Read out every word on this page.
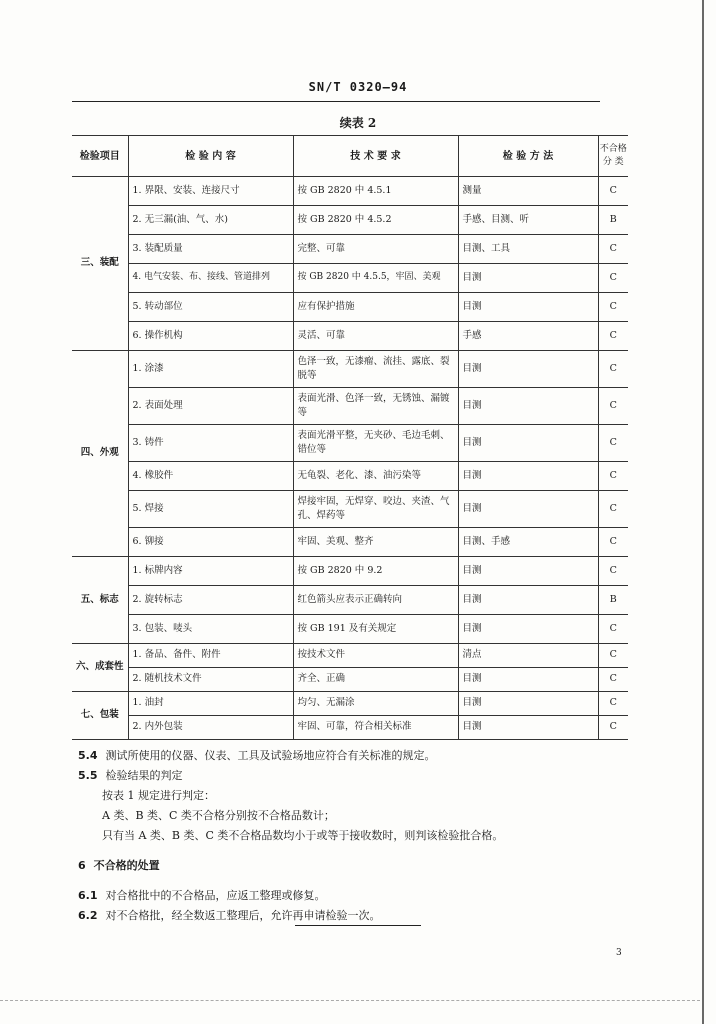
SN/T 0320—94
续表 2
检验项目	检 验 内 容	技 术 要 求	检 验 方 法	不合格分 类
三、装配	1. 界限、安装、连接尺寸	按 GB 2820 中 4.5.1	测量	C
	2. 无三漏(油、气、水)	按 GB 2820 中 4.5.2	手感、目测、听	B
	3. 装配质量	完整、可靠	目测、工具	C
	4. 电气安装、布、接线、管道排列	按 GB 2820 中 4.5.5，牢固、美观	目测	C
	5. 转动部位	应有保护措施	目测	C
	6. 操作机构	灵活、可靠	手感	C
四、外观	1. 涂漆	色泽一致，无漆瘤、流挂、露底、裂脱等	目测	C
	2. 表面处理	表面光滑、色泽一致，无锈蚀、漏镀等	目测	C
	3. 铸件	表面光滑平整，无夹砂、毛边毛刺、错位等	目测	C
	4. 橡胶件	无龟裂、老化、漆、油污染等	目测	C
	5. 焊接	焊接牢固，无焊穿、咬边、夹渣、气孔、焊药等	目测	C
	6. 铆接	牢固、美观、整齐	目测、手感	C
五、标志	1. 标牌内容	按 GB 2820 中 9.2	目测	C
	2. 旋转标志	红色箭头应表示正确转向	目测	B
	3. 包装、唛头	按 GB 191 及有关规定	目测	C
六、成套性	1. 备品、备件、附件	按技术文件	清点	C
	2. 随机技术文件	齐全、正确	目测	C
七、包装	1. 油封	均匀、无漏涂	目测	C
	2. 内外包装	牢固、可靠，符合相关标准	目测	C
5.4 测试所使用的仪器、仪表、工具及试验场地应符合有关标准的规定。
5.5 检验结果的判定
按表 1 规定进行判定：
A 类、B 类、C 类不合格分别按不合格品数计；
只有当 A 类、B 类、C 类不合格品数均小于或等于接收数时，则判该检验批合格。
6 不合格的处置
6.1 对合格批中的不合格品，应返工整理或修复。
6.2 对不合格批，经全数返工整理后，允许再申请检验一次。
3
